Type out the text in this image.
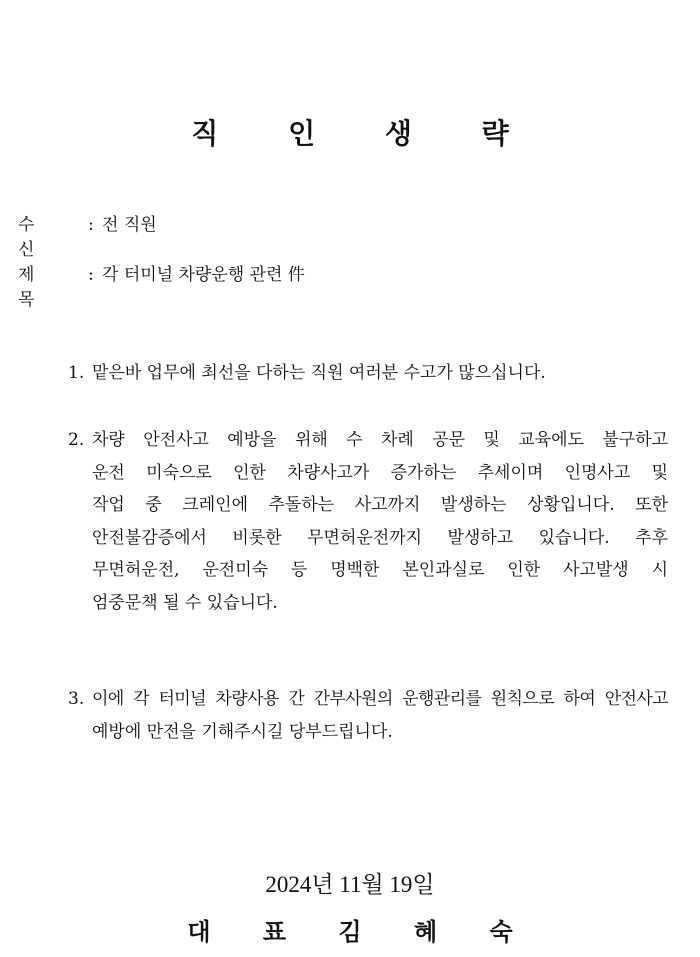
직 인 생 략
수 신
: 전 직원
제 목
: 각 터미널 차량운행 관련 件
1. 맡은바 업무에 최선을 다하는 직원 여러분 수고가 많으십니다.
2. 차량 안전사고 예방을 위해 수 차례 공문 및 교육에도 불구하고
운전 미숙으로 인한 차량사고가 증가하는 추세이며 인명사고 및
작업 중 크레인에 추돌하는 사고까지 발생하는 상황입니다. 또한
안전불감증에서 비롯한 무면허운전까지 발생하고 있습니다. 추후
무면허운전, 운전미숙 등 명백한 본인과실로 인한 사고발생 시
엄중문책 될 수 있습니다.
3. 이에 각 터미널 차량사용 간 간부사원의 운행관리를 원칙으로 하여 안전사고
예방에 만전을 기해주시길 당부드립니다.
2024년 11월 19일
대 표 김 혜 숙
